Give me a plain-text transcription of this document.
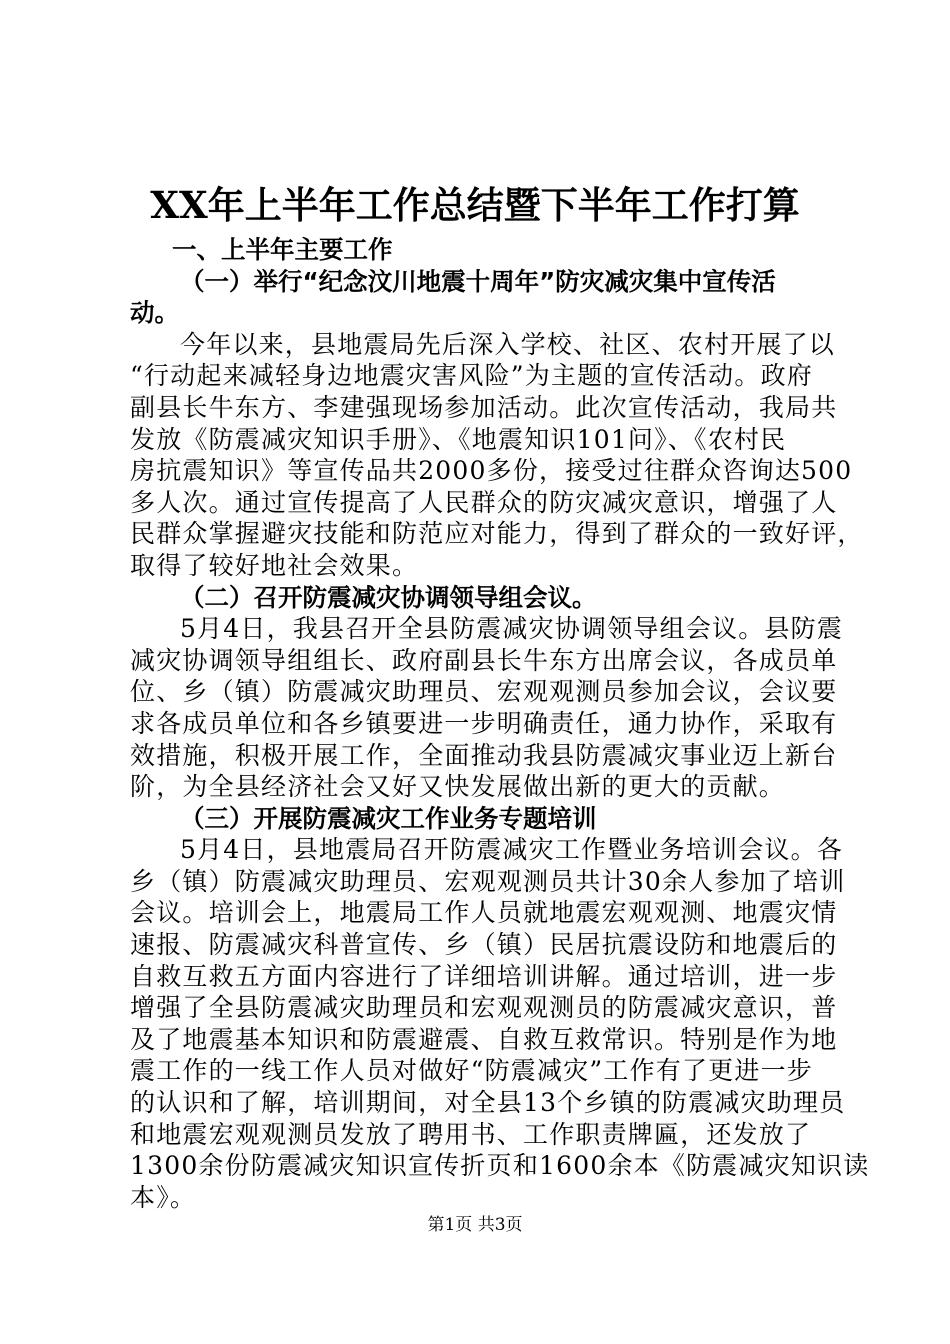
XX年上半年工作总结暨下半年工作打算

一、上半年主要工作

（一）举行“纪念汶川地震十周年”防灾减灾集中宣传活

动。

今年以来，县地震局先后深入学校、社区、农村开展了以

“行动起来减轻身边地震灾害风险”为主题的宣传活动。政府
副县长牛东方、李建强现场参加活动。此次宣传活动，我局共
发放《防震减灾知识手册》、《地震知识101问》、《农村民
房抗震知识》等宣传品共2000多份，接受过往群众咨询达500
多人次。通过宣传提高了人民群众的防灾减灾意识，增强了人
民群众掌握避灾技能和防范应对能力，得到了群众的一致好评，
取得了较好地社会效果。

（二）召开防震减灾协调领导组会议。

5月4日，我县召开全县防震减灾协调领导组会议。县防震

减灾协调领导组组长、政府副县长牛东方出席会议，各成员单
位、乡（镇）防震减灾助理员、宏观观测员参加会议，会议要
求各成员单位和各乡镇要进一步明确责任，通力协作，采取有
效措施，积极开展工作，全面推动我县防震减灾事业迈上新台
阶，为全县经济社会又好又快发展做出新的更大的贡献。

（三）开展防震减灾工作业务专题培训

5月4日，县地震局召开防震减灾工作暨业务培训会议。各

乡（镇）防震减灾助理员、宏观观测员共计30余人参加了培训
会议。培训会上，地震局工作人员就地震宏观观测、地震灾情
速报、防震减灾科普宣传、乡（镇）民居抗震设防和地震后的
自救互救五方面内容进行了详细培训讲解。通过培训，进一步
增强了全县防震减灾助理员和宏观观测员的防震减灾意识，普
及了地震基本知识和防震避震、自救互救常识。特别是作为地
震工作的一线工作人员对做好“防震减灾”工作有了更进一步
的认识和了解，培训期间，对全县13个乡镇的防震减灾助理员
和地震宏观观测员发放了聘用书、工作职责牌匾，还发放了
1300余份防震减灾知识宣传折页和1600余本《防震减灾知识读
本》。

第1页 共3页
